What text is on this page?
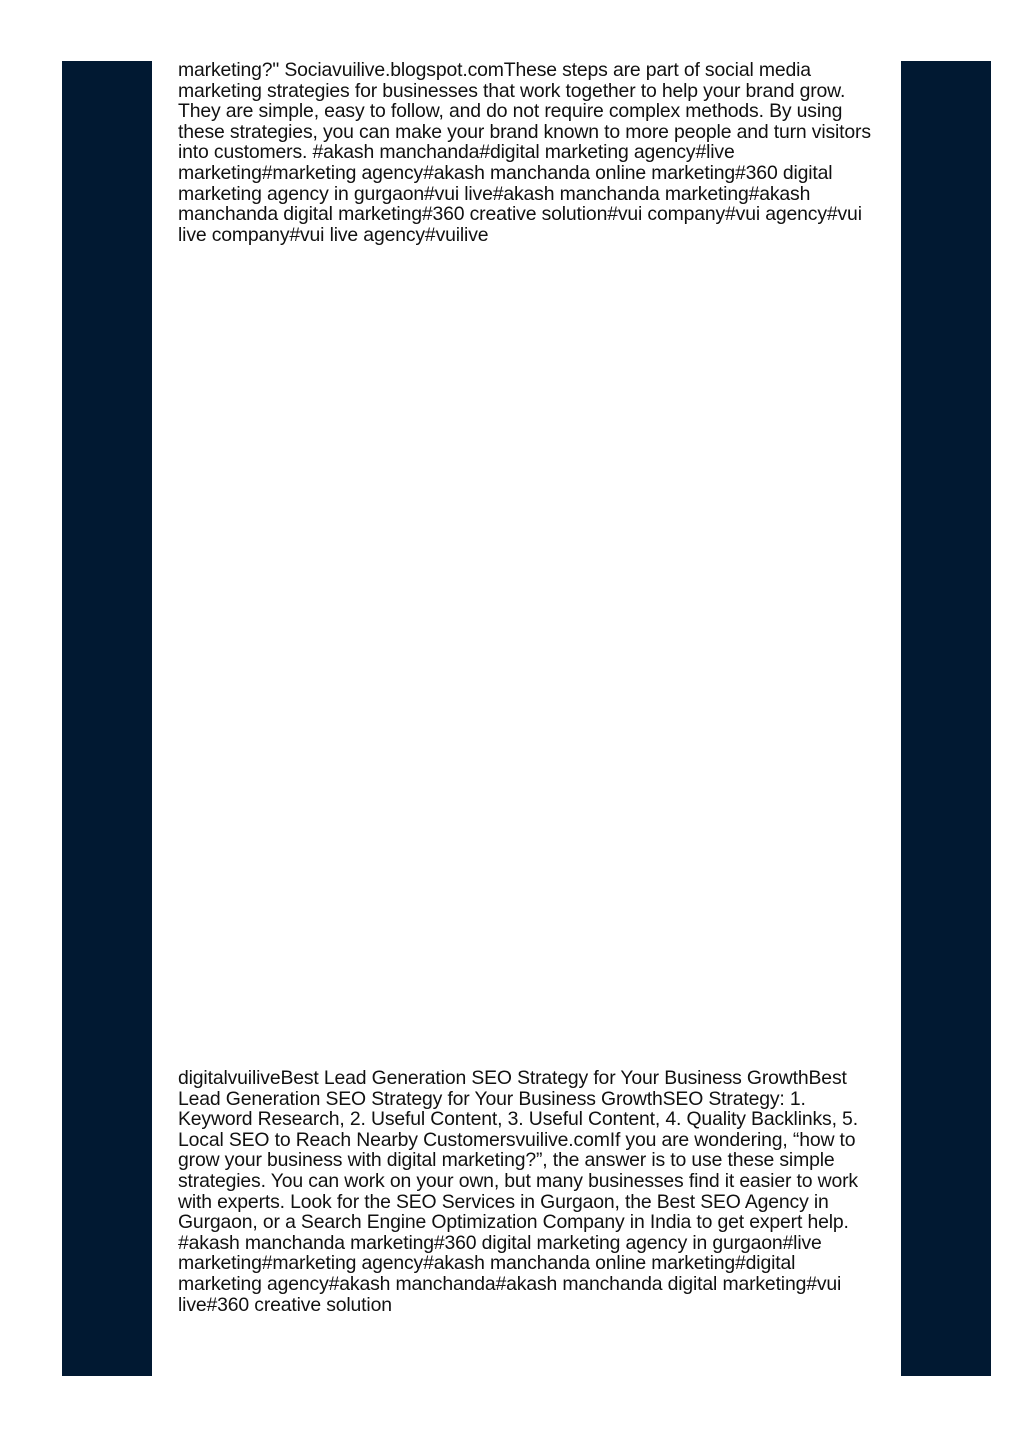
marketing?" Sociavuilive.blogspot.comThese steps are part of social media marketing strategies for businesses that work together to help your brand grow. They are simple, easy to follow, and do not require complex methods. By using these strategies, you can make your brand known to more people and turn visitors into customers. #akash manchanda#digital marketing agency#live marketing#marketing agency#akash manchanda online marketing#360 digital marketing agency in gurgaon#vui live#akash manchanda marketing#akash manchanda digital marketing#360 creative solution#vui company#vui agency#vui live company#vui live agency#vuilive

digitalvuiliveBest Lead Generation SEO Strategy for Your Business GrowthBest Lead Generation SEO Strategy for Your Business GrowthSEO Strategy: 1. Keyword Research, 2. Useful Content, 3. Useful Content, 4. Quality Backlinks, 5. Local SEO to Reach Nearby Customersvuilive.comIf you are wondering, “how to grow your business with digital marketing?”, the answer is to use these simple strategies. You can work on your own, but many businesses find it easier to work with experts. Look for the SEO Services in Gurgaon, the Best SEO Agency in Gurgaon, or a Search Engine Optimization Company in India to get expert help. #akash manchanda marketing#360 digital marketing agency in gurgaon#live marketing#marketing agency#akash manchanda online marketing#digital marketing agency#akash manchanda#akash manchanda digital marketing#vui live#360 creative solution
